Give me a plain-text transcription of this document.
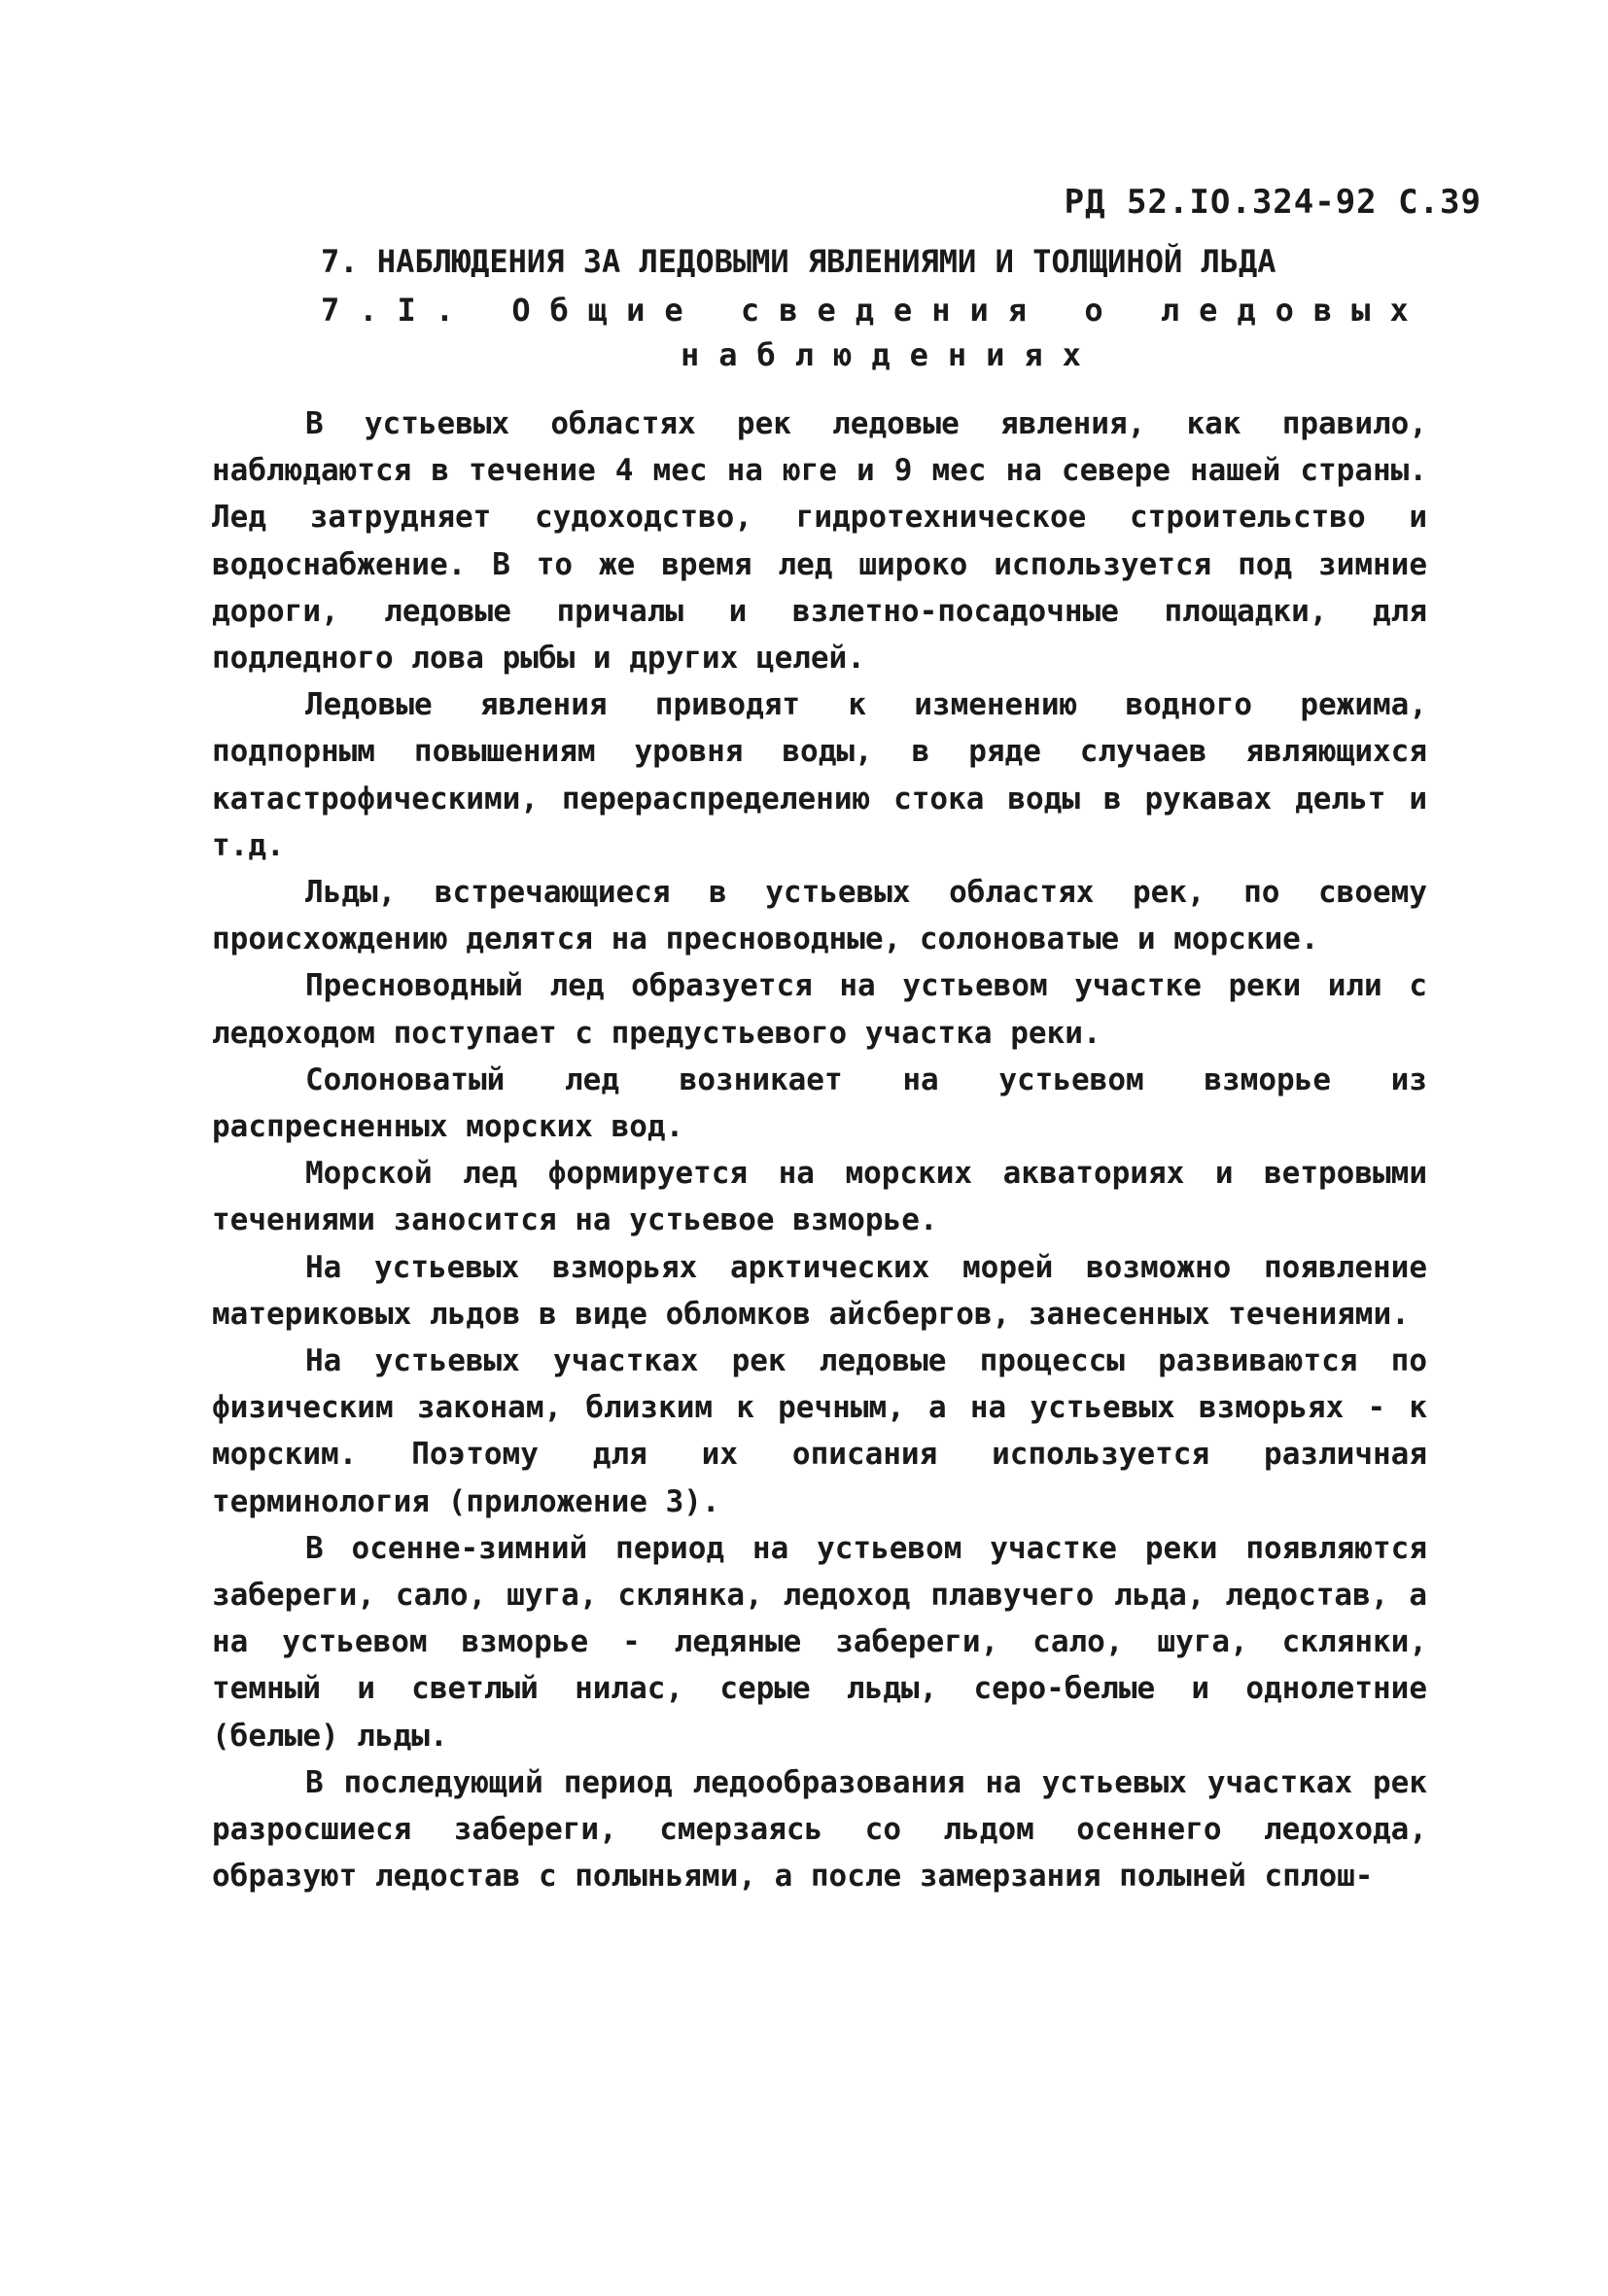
РД 52.IO.324-92 С.39
7. НАБЛЮДЕНИЯ ЗА ЛЕДОВЫМИ ЯВЛЕНИЯМИ И ТОЛЩИНОЙ ЛЬДА
7.I. Общие сведения о ледовых
наблюдениях

В устьевых областях рек ледовые явления, как правило, наблюдаются в течение 4 мес на юге и 9 мес на севере нашей страны. Лед затрудняет судоходство, гидротехническое строительство и водоснабжение. В то же время лед широко используется под зимние дороги, ледовые причалы и взлетно-посадочные площадки, для подледного лова рыбы и других целей.

Ледовые явления приводят к изменению водного режима, подпорным повышениям уровня воды, в ряде случаев являющихся катастрофическими, перераспределению стока воды в рукавах дельт и т.д.

Льды, встречающиеся в устьевых областях рек, по своему происхождению делятся на пресноводные, солоноватые и морские.

Пресноводный лед образуется на устьевом участке реки или с ледоходом поступает с предустьевого участка реки.

Солоноватый лед возникает на устьевом взморье из распресненных морских вод.

Морской лед формируется на морских акваториях и ветровыми течениями заносится на устьевое взморье.

На устьевых взморьях арктических морей возможно появление материковых льдов в виде обломков айсбергов, занесенных течениями.

На устьевых участках рек ледовые процессы развиваются по физическим законам, близким к речным, а на устьевых взморьях - к морским. Поэтому для их описания используется различная терминология (приложение 3).

В осенне-зимний период на устьевом участке реки появляются забереги, сало, шуга, склянка, ледоход плавучего льда, ледостав, а на устьевом взморье - ледяные забереги, сало, шуга, склянки, темный и светлый нилас, серые льды, серо-белые и однолетние (белые) льды.

В последующий период ледообразования на устьевых участках рек разросшиеся забереги, смерзаясь со льдом осеннего ледохода, образуют ледостав с полыньями, а после замерзания полыней сплош-
